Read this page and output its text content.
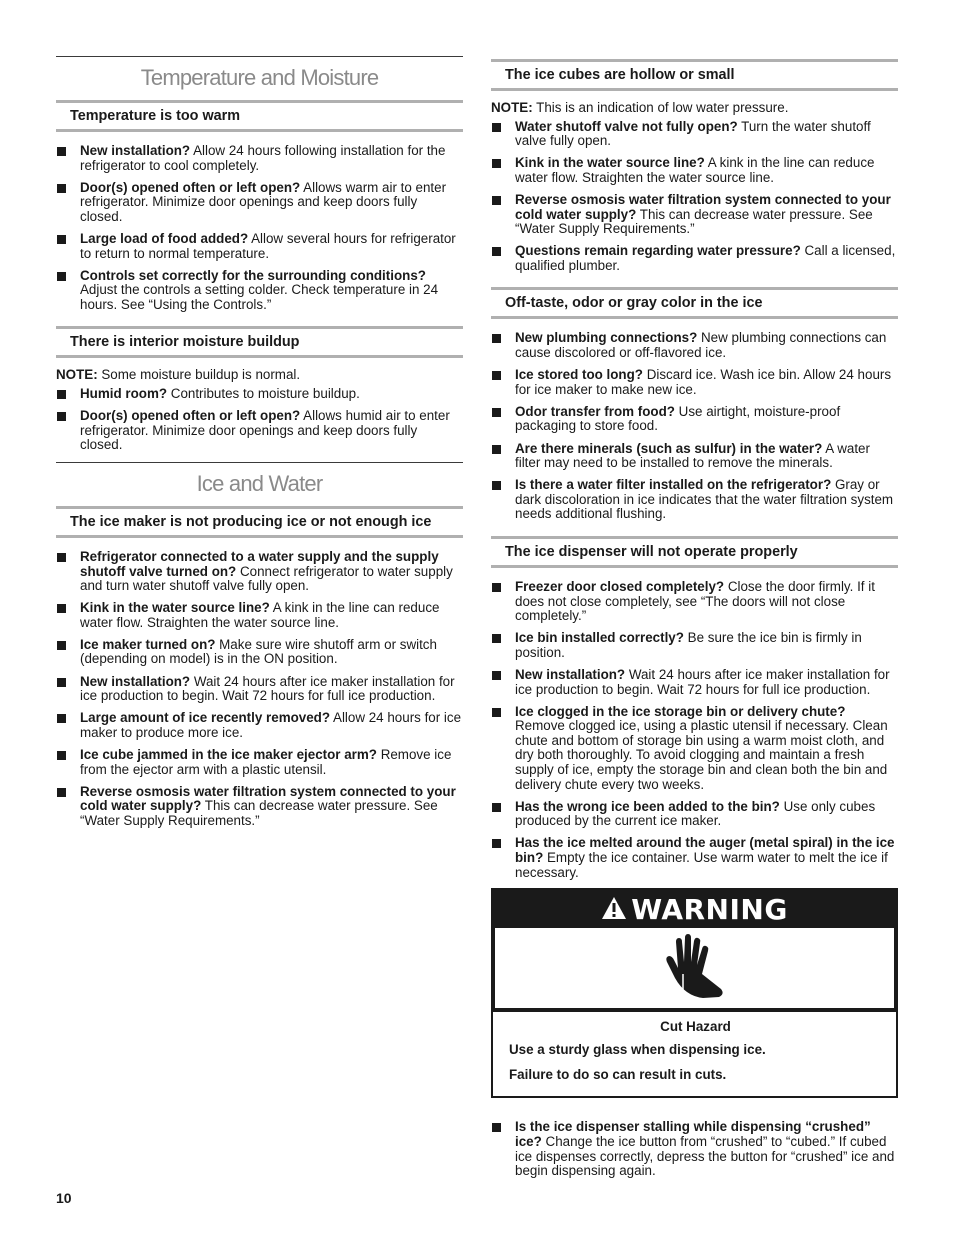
Temperature and Moisture
Temperature is too warm
New installation? Allow 24 hours following installation for the refrigerator to cool completely.
Door(s) opened often or left open? Allows warm air to enter refrigerator. Minimize door openings and keep doors fully closed.
Large load of food added? Allow several hours for refrigerator to return to normal temperature.
Controls set correctly for the surrounding conditions? Adjust the controls a setting colder. Check temperature in 24 hours. See “Using the Controls.”
There is interior moisture buildup
NOTE: Some moisture buildup is normal.
Humid room? Contributes to moisture buildup.
Door(s) opened often or left open? Allows humid air to enter refrigerator. Minimize door openings and keep doors fully closed.
Ice and Water
The ice maker is not producing ice or not enough ice
Refrigerator connected to a water supply and the supply shutoff valve turned on? Connect refrigerator to water supply and turn water shutoff valve fully open.
Kink in the water source line? A kink in the line can reduce water flow. Straighten the water source line.
Ice maker turned on? Make sure wire shutoff arm or switch (depending on model) is in the ON position.
New installation? Wait 24 hours after ice maker installation for ice production to begin. Wait 72 hours for full ice production.
Large amount of ice recently removed? Allow 24 hours for ice maker to produce more ice.
Ice cube jammed in the ice maker ejector arm? Remove ice from the ejector arm with a plastic utensil.
Reverse osmosis water filtration system connected to your cold water supply? This can decrease water pressure. See “Water Supply Requirements.”
The ice cubes are hollow or small
NOTE: This is an indication of low water pressure.
Water shutoff valve not fully open? Turn the water shutoff valve fully open.
Kink in the water source line? A kink in the line can reduce water flow. Straighten the water source line.
Reverse osmosis water filtration system connected to your cold water supply? This can decrease water pressure. See “Water Supply Requirements.”
Questions remain regarding water pressure? Call a licensed, qualified plumber.
Off-taste, odor or gray color in the ice
New plumbing connections? New plumbing connections can cause discolored or off-flavored ice.
Ice stored too long? Discard ice. Wash ice bin. Allow 24 hours for ice maker to make new ice.
Odor transfer from food? Use airtight, moisture-proof packaging to store food.
Are there minerals (such as sulfur) in the water? A water filter may need to be installed to remove the minerals.
Is there a water filter installed on the refrigerator? Gray or dark discoloration in ice indicates that the water filtration system needs additional flushing.
The ice dispenser will not operate properly
Freezer door closed completely? Close the door firmly. If it does not close completely, see “The doors will not close completely.”
Ice bin installed correctly? Be sure the ice bin is firmly in position.
New installation? Wait 24 hours after ice maker installation for ice production to begin. Wait 72 hours for full ice production.
Ice clogged in the ice storage bin or delivery chute? Remove clogged ice, using a plastic utensil if necessary. Clean chute and bottom of storage bin using a warm moist cloth, and dry both thoroughly. To avoid clogging and maintain a fresh supply of ice, empty the storage bin and clean both the bin and delivery chute every two weeks.
Has the wrong ice been added to the bin? Use only cubes produced by the current ice maker.
Has the ice melted around the auger (metal spiral) in the ice bin? Empty the ice container. Use warm water to melt the ice if necessary.
WARNING
Cut Hazard

Use a sturdy glass when dispensing ice.

Failure to do so can result in cuts.

Is the ice dispenser stalling while dispensing “crushed” ice? Change the ice button from “crushed” to “cubed.” If cubed ice dispenses correctly, depress the button for “crushed” ice and begin dispensing again.
10
